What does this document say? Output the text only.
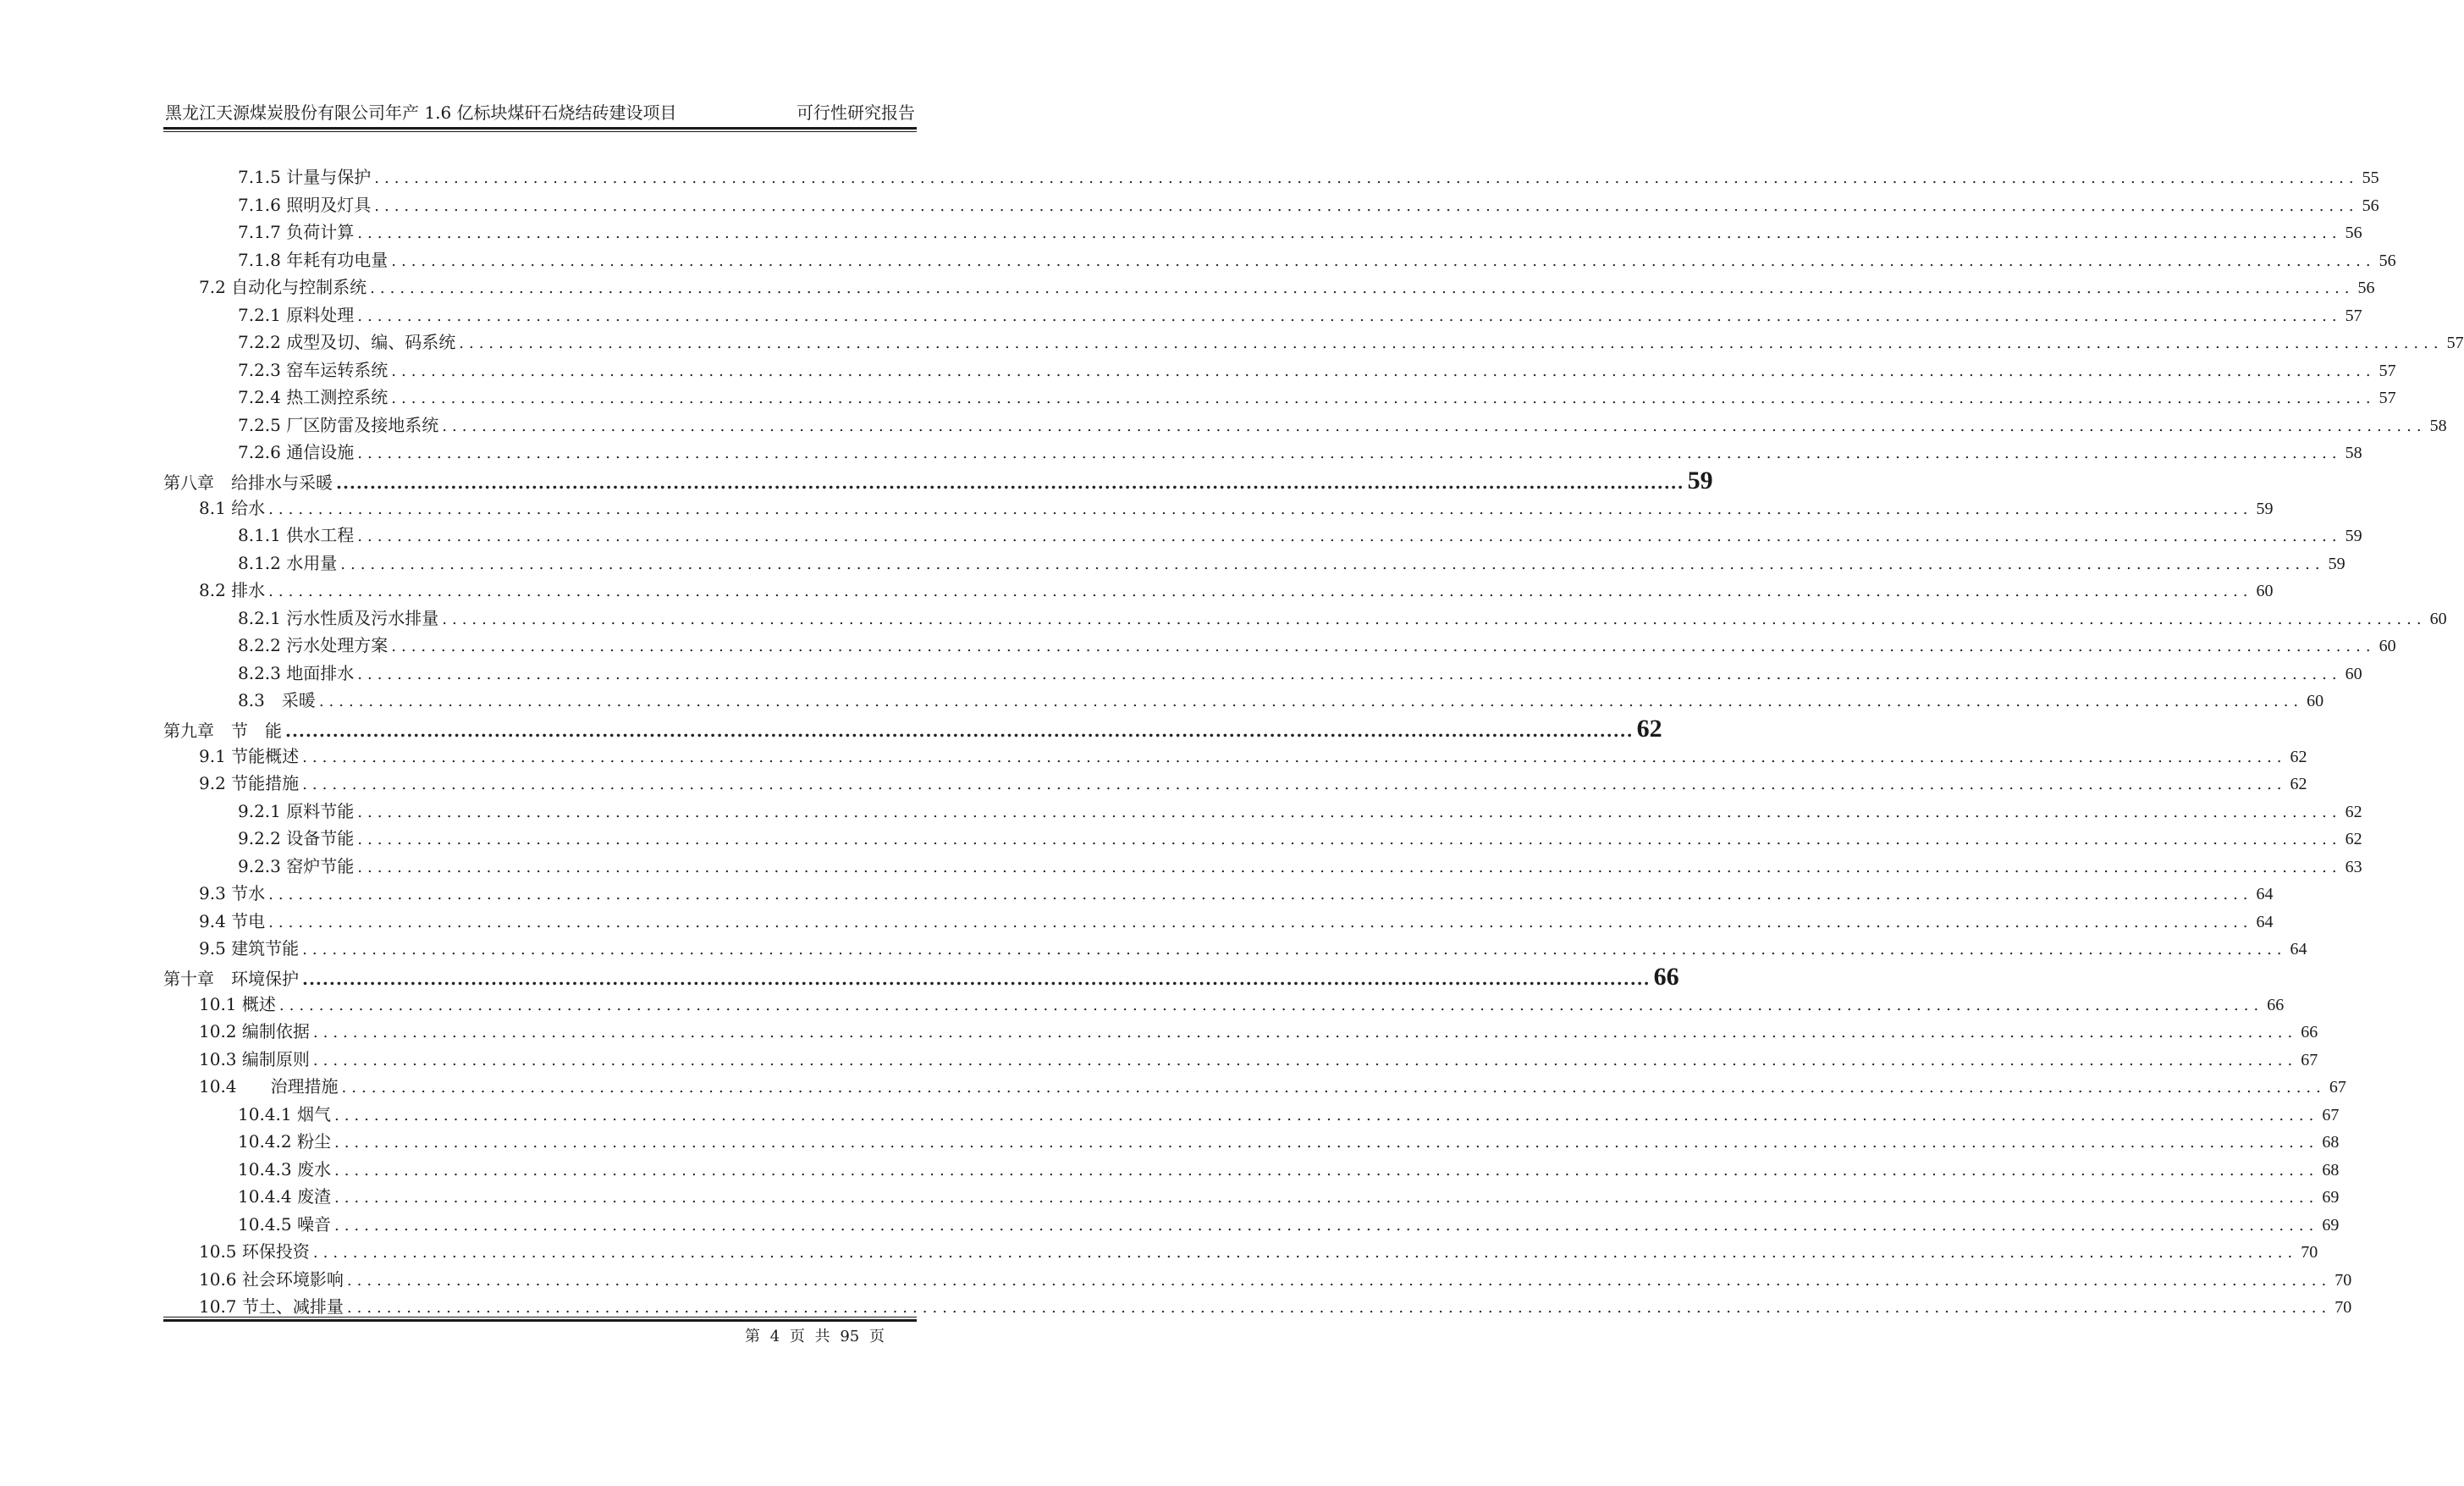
黑龙江天源煤炭股份有限公司年产 1.6 亿标块煤矸石烧结砖建设项目	可行性研究报告
7.1.5 计量与保护 ........................................................................................................................................................................................................ 55
7.1.6 照明及灯具 ........................................................................................................................................................................................................ 56
7.1.7 负荷计算 ........................................................................................................................................................................................................ 56
7.1.8 年耗有功电量 ........................................................................................................................................................................................................ 56
7.2 自动化与控制系统 ........................................................................................................................................................................................................ 56
7.2.1 原料处理 ........................................................................................................................................................................................................ 57
7.2.2 成型及切、编、码系统 ........................................................................................................................................................................................................ 57
7.2.3 窑车运转系统 ........................................................................................................................................................................................................ 57
7.2.4 热工测控系统 ........................................................................................................................................................................................................ 57
7.2.5 厂区防雷及接地系统 ........................................................................................................................................................................................................ 58
7.2.6 通信设施 ........................................................................................................................................................................................................ 58
第八章　给排水与采暖 ........................................................................................................................................................................................................ 59
8.1 给水 ........................................................................................................................................................................................................ 59
8.1.1 供水工程 ........................................................................................................................................................................................................ 59
8.1.2 水用量 ........................................................................................................................................................................................................ 59
8.2 排水 ........................................................................................................................................................................................................ 60
8.2.1 污水性质及污水排量 ........................................................................................................................................................................................................ 60
8.2.2 污水处理方案 ........................................................................................................................................................................................................ 60
8.2.3 地面排水 ........................................................................................................................................................................................................ 60
8.3　采暖 ........................................................................................................................................................................................................ 60
第九章　节　能 ........................................................................................................................................................................................................ 62
9.1 节能概述 ........................................................................................................................................................................................................ 62
9.2 节能措施 ........................................................................................................................................................................................................ 62
9.2.1 原料节能 ........................................................................................................................................................................................................ 62
9.2.2 设备节能 ........................................................................................................................................................................................................ 62
9.2.3 窑炉节能 ........................................................................................................................................................................................................ 63
9.3 节水 ........................................................................................................................................................................................................ 64
9.4 节电 ........................................................................................................................................................................................................ 64
9.5 建筑节能 ........................................................................................................................................................................................................ 64
第十章　环境保护 ........................................................................................................................................................................................................ 66
10.1 概述 ........................................................................................................................................................................................................ 66
10.2 编制依据 ........................................................................................................................................................................................................ 66
10.3 编制原则 ........................................................................................................................................................................................................ 67
10.4　　治理措施 ........................................................................................................................................................................................................ 67
10.4.1 烟气 ........................................................................................................................................................................................................ 67
10.4.2 粉尘 ........................................................................................................................................................................................................ 68
10.4.3 废水 ........................................................................................................................................................................................................ 68
10.4.4 废渣 ........................................................................................................................................................................................................ 69
10.4.5 噪音 ........................................................................................................................................................................................................ 69
10.5 环保投资 ........................................................................................................................................................................................................ 70
10.6 社会环境影响 ........................................................................................................................................................................................................ 70
10.7 节土、减排量 ........................................................................................................................................................................................................ 70
第 4 页 共 95 页
